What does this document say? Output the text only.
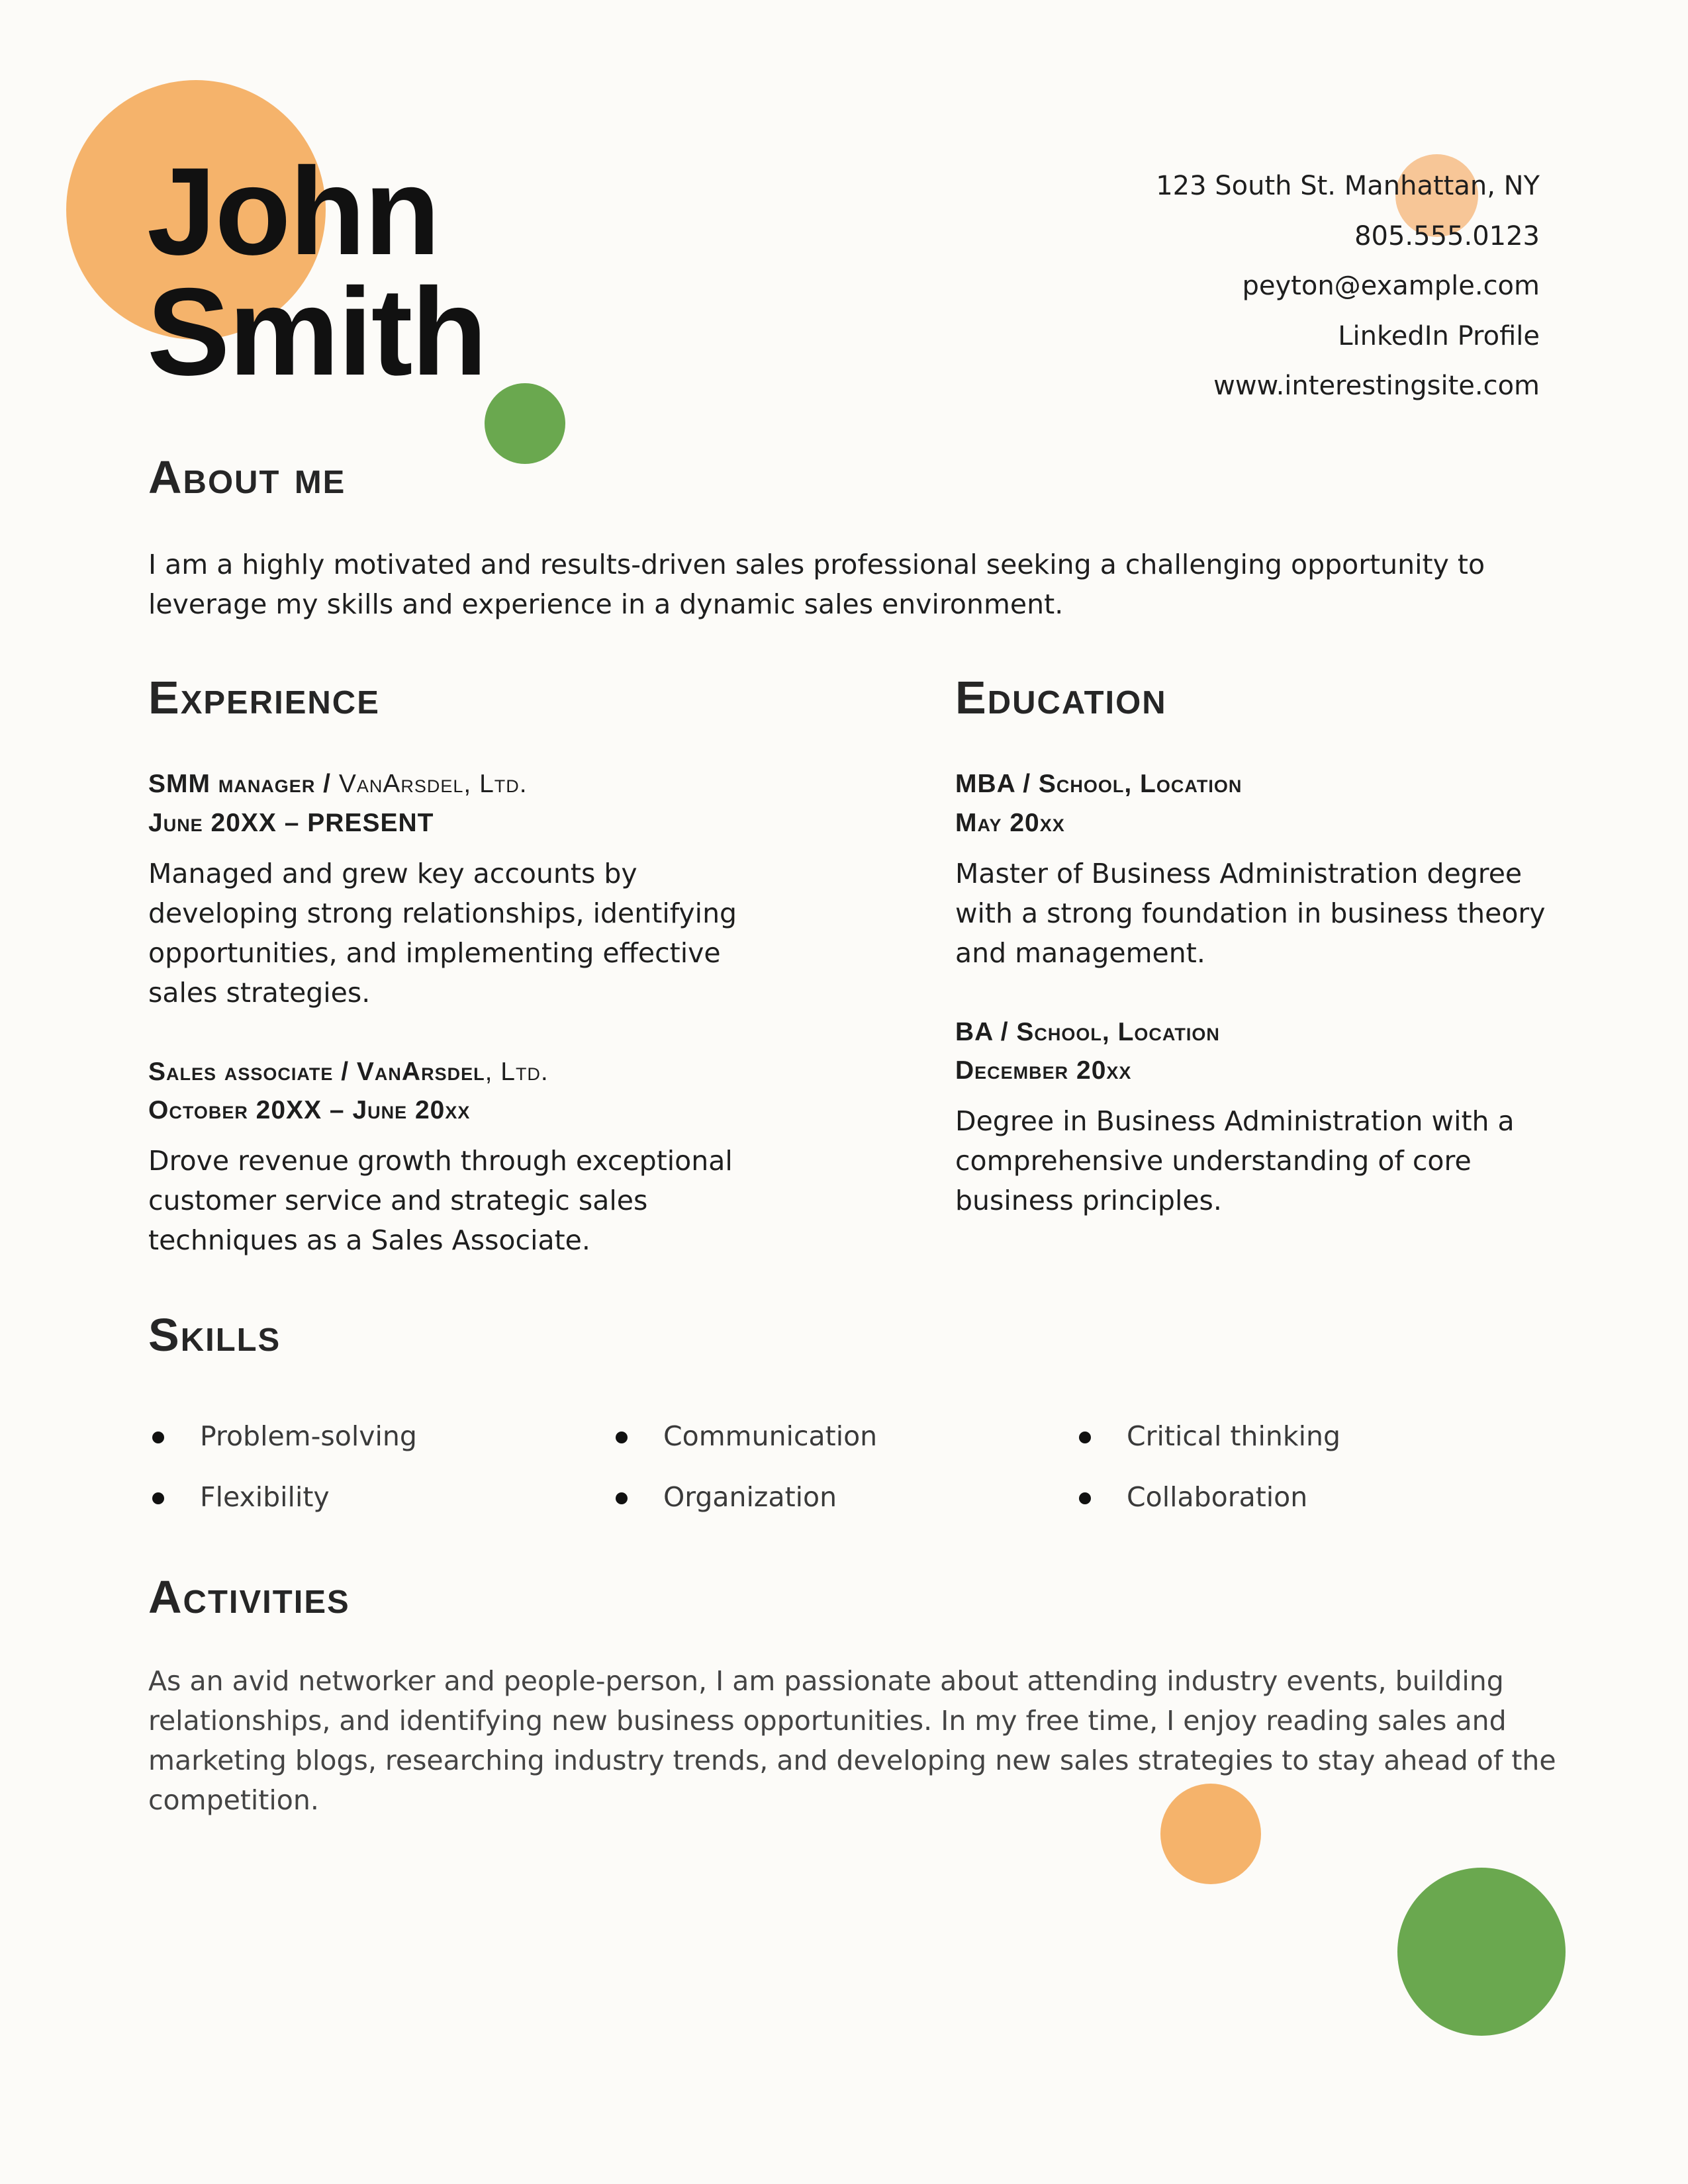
John
Smith
123 South St. Manhattan, NY
805.555.0123
peyton@example.com
LinkedIn Profile
www.interestingsite.com
About me
I am a highly motivated and results-driven sales professional seeking a challenging opportunity to
leverage my skills and experience in a dynamic sales environment.
Experience
SMM manager / VanArsdel, Ltd.
June 20XX – PRESENT
Managed and grew key accounts by
developing strong relationships, identifying
opportunities, and implementing effective
sales strategies.
Sales associate / VanArsdel, Ltd.
October 20XX – June 20xx
Drove revenue growth through exceptional
customer service and strategic sales
techniques as a Sales Associate.
Education
MBA / School, Location
May 20xx
Master of Business Administration degree
with a strong foundation in business theory
and management.
BA / School, Location
December 20xx
Degree in Business Administration with a
comprehensive understanding of core
business principles.
Skills
Problem-solving	Communication	Critical thinking
Flexibility	Organization	Collaboration
Activities
As an avid networker and people-person, I am passionate about attending industry events, building
relationships, and identifying new business opportunities. In my free time, I enjoy reading sales and
marketing blogs, researching industry trends, and developing new sales strategies to stay ahead of the
competition.
